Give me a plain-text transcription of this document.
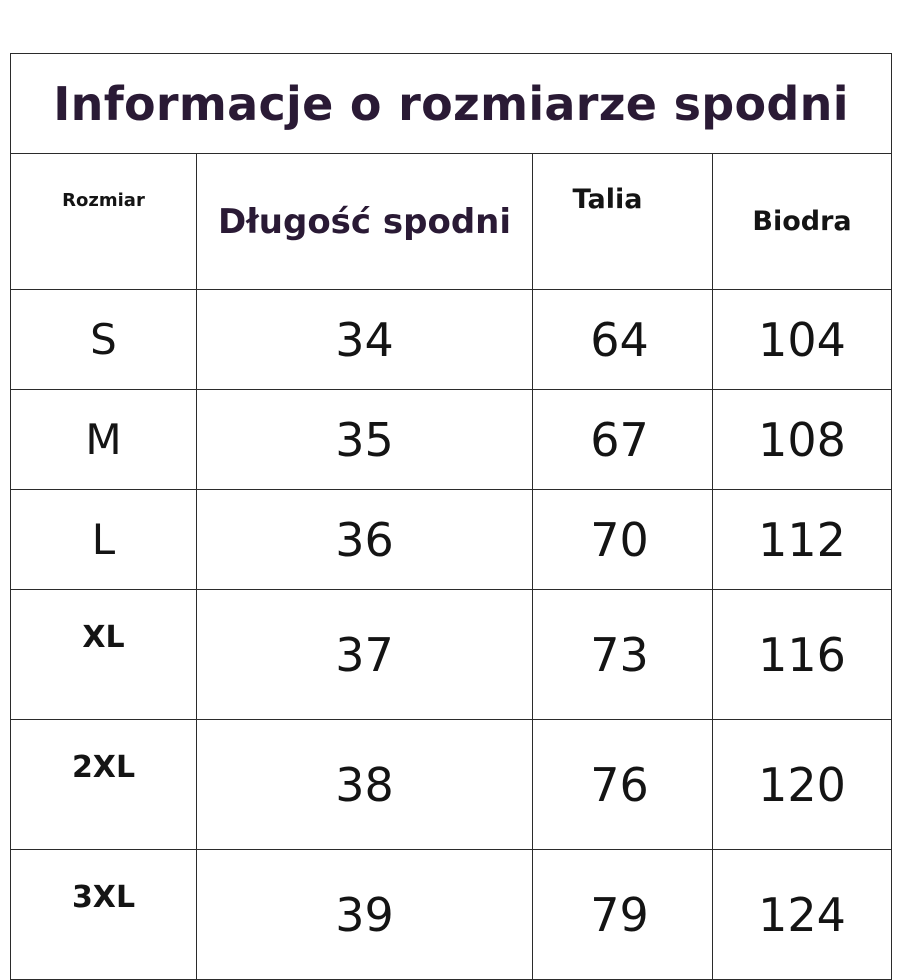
Informacje o rozmiarze spodni			
Rozmiar	Długość spodni	Talia	Biodra
S	34	64	104
M	35	67	108
L	36	70	112
XL	37	73	116
2XL	38	76	120
3XL	39	79	124
